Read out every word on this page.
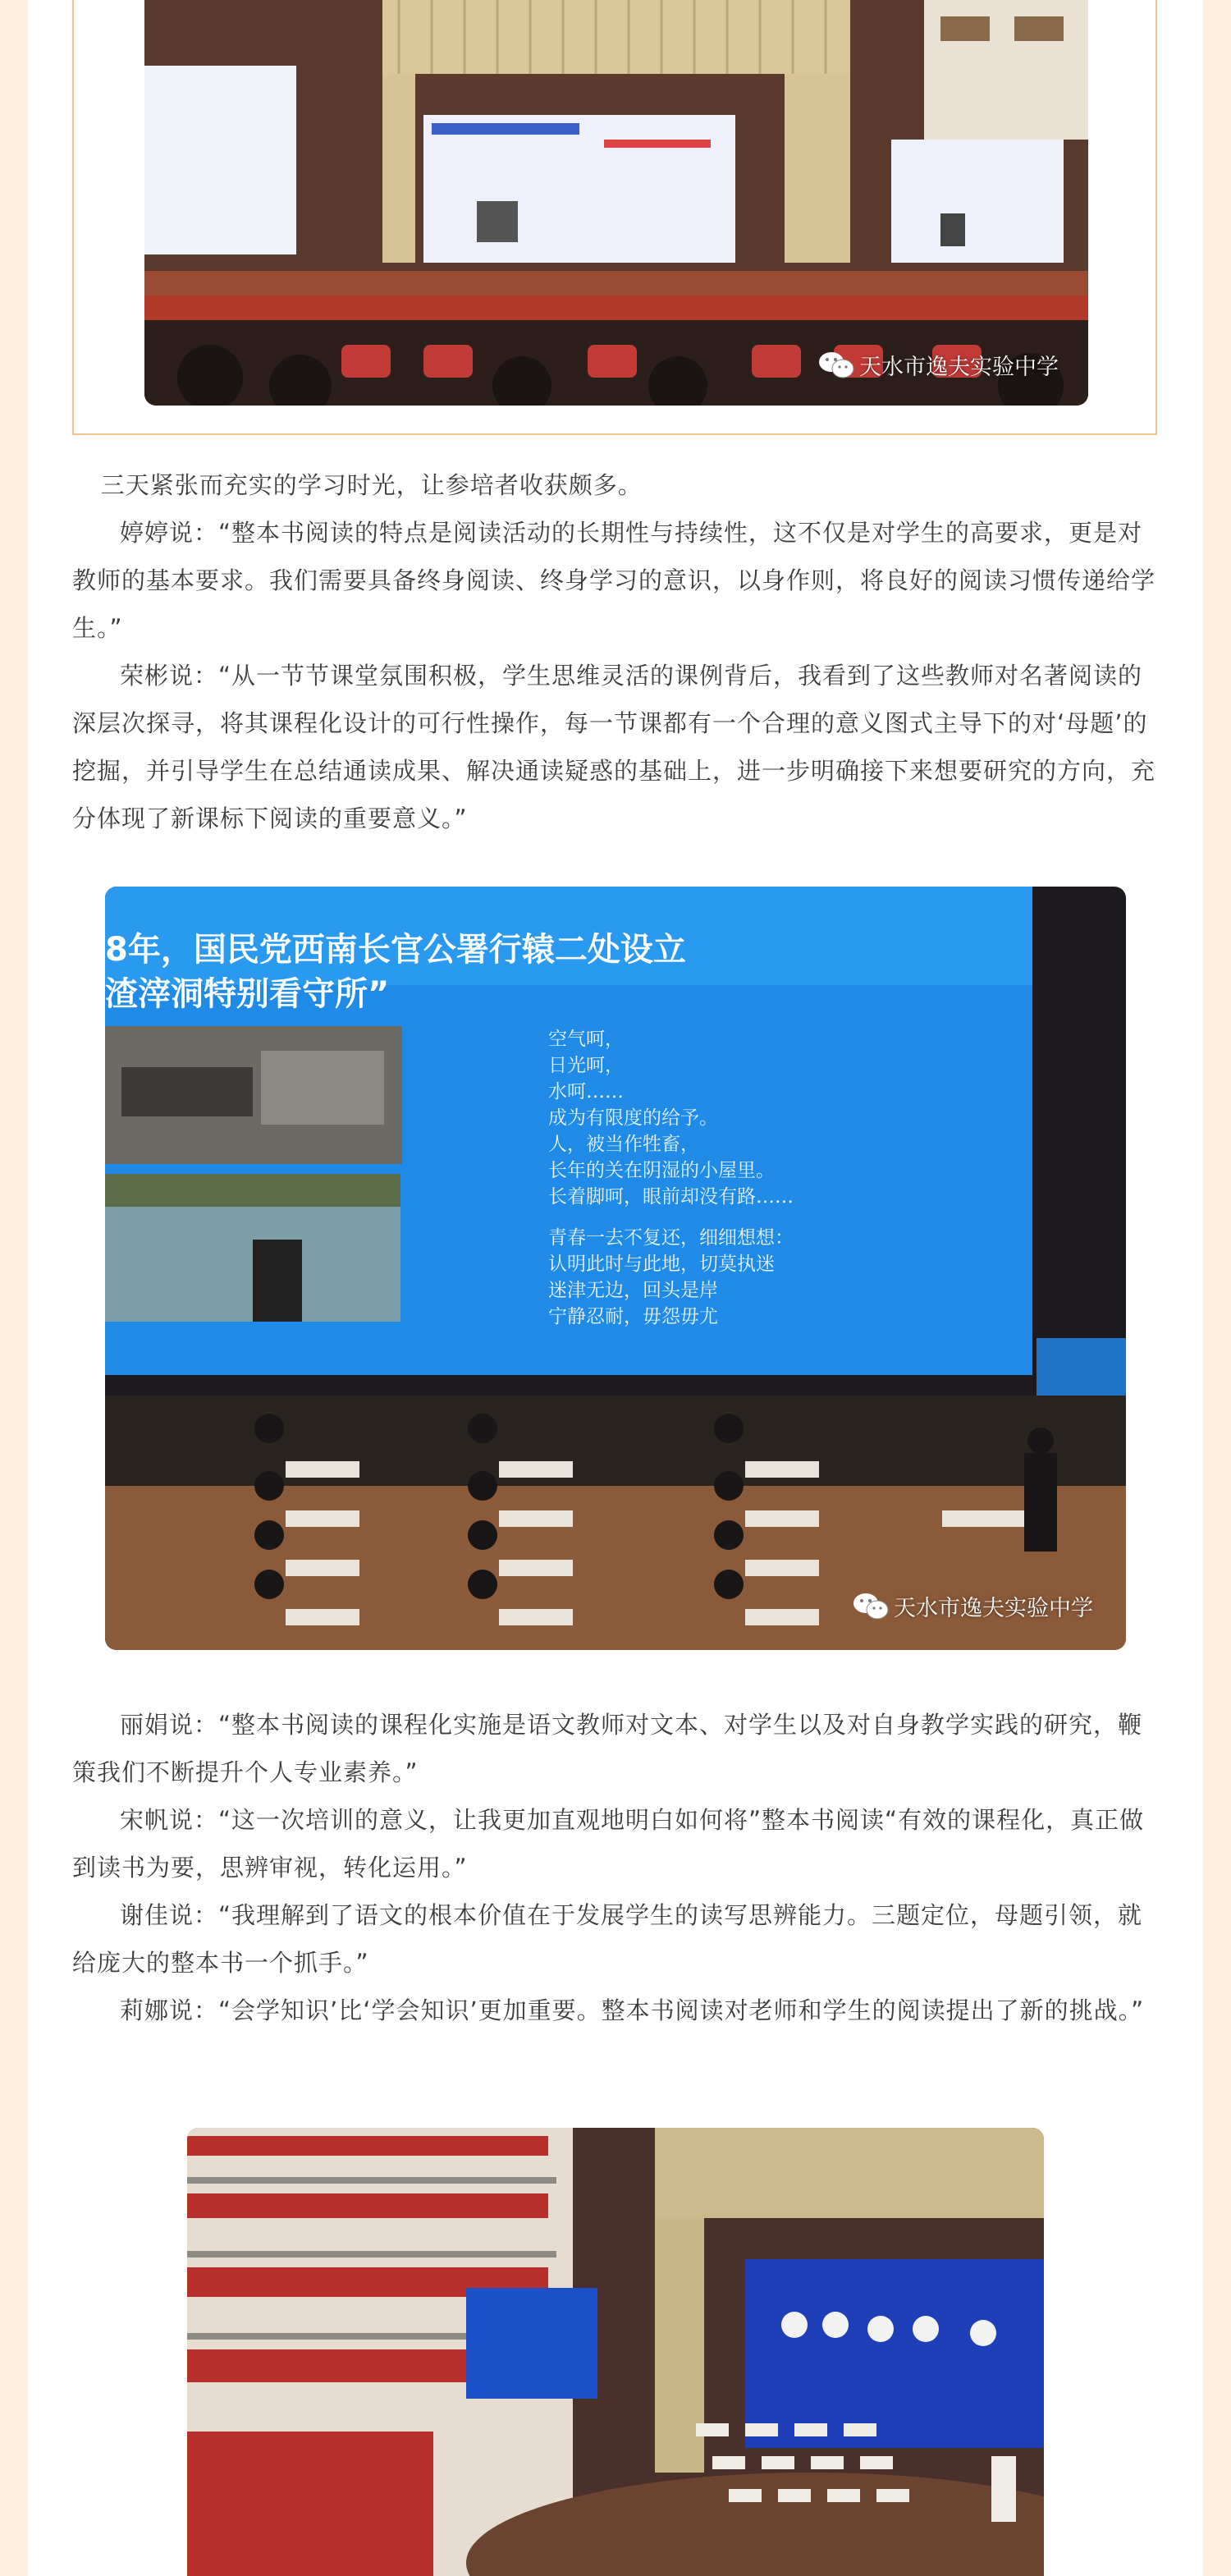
天水市逸夫实验中学

三天紧张而充实的学习时光，让参培者收获颇多。

婷婷说：“整本书阅读的特点是阅读活动的长期性与持续性，这不仅是对学生的高要求，更是对教师的基本要求。我们需要具备终身阅读、终身学习的意识，以身作则，将良好的阅读习惯传递给学生。”

荣彬说：“从一节节课堂氛围积极，学生思维灵活的课例背后，我看到了这些教师对名著阅读的深层次探寻，将其课程化设计的可行性操作，每一节课都有一个合理的意义图式主导下的对‘母题’的挖掘，并引导学生在总结通读成果、解决通读疑惑的基础上，进一步明确接下来想要研究的方向，充分体现了新课标下阅读的重要意义。”

8年，国民党西南长官公署行辕二处设立
渣滓洞特别看守所”
空气呵，
日光呵，
水呵……
成为有限度的给予。
人，被当作牲畜，
长年的关在阴湿的小屋里。
长着脚呵，眼前却没有路……
青春一去不复还，细细想想：
认明此时与此地，切莫执迷
迷津无边，回头是岸
宁静忍耐，毋怨毋尤
天水市逸夫实验中学

丽娟说：“整本书阅读的课程化实施是语文教师对文本、对学生以及对自身教学实践的研究，鞭策我们不断提升个人专业素养。”

宋帆说：“这一次培训的意义，让我更加直观地明白如何将”整本书阅读“有效的课程化，真正做到读书为要，思辨审视，转化运用。”

谢佳说：“我理解到了语文的根本价值在于发展学生的读写思辨能力。三题定位，母题引领，就给庞大的整本书一个抓手。”

莉娜说：“会学知识’比‘学会知识’更加重要。整本书阅读对老师和学生的阅读提出了新的挑战。”
